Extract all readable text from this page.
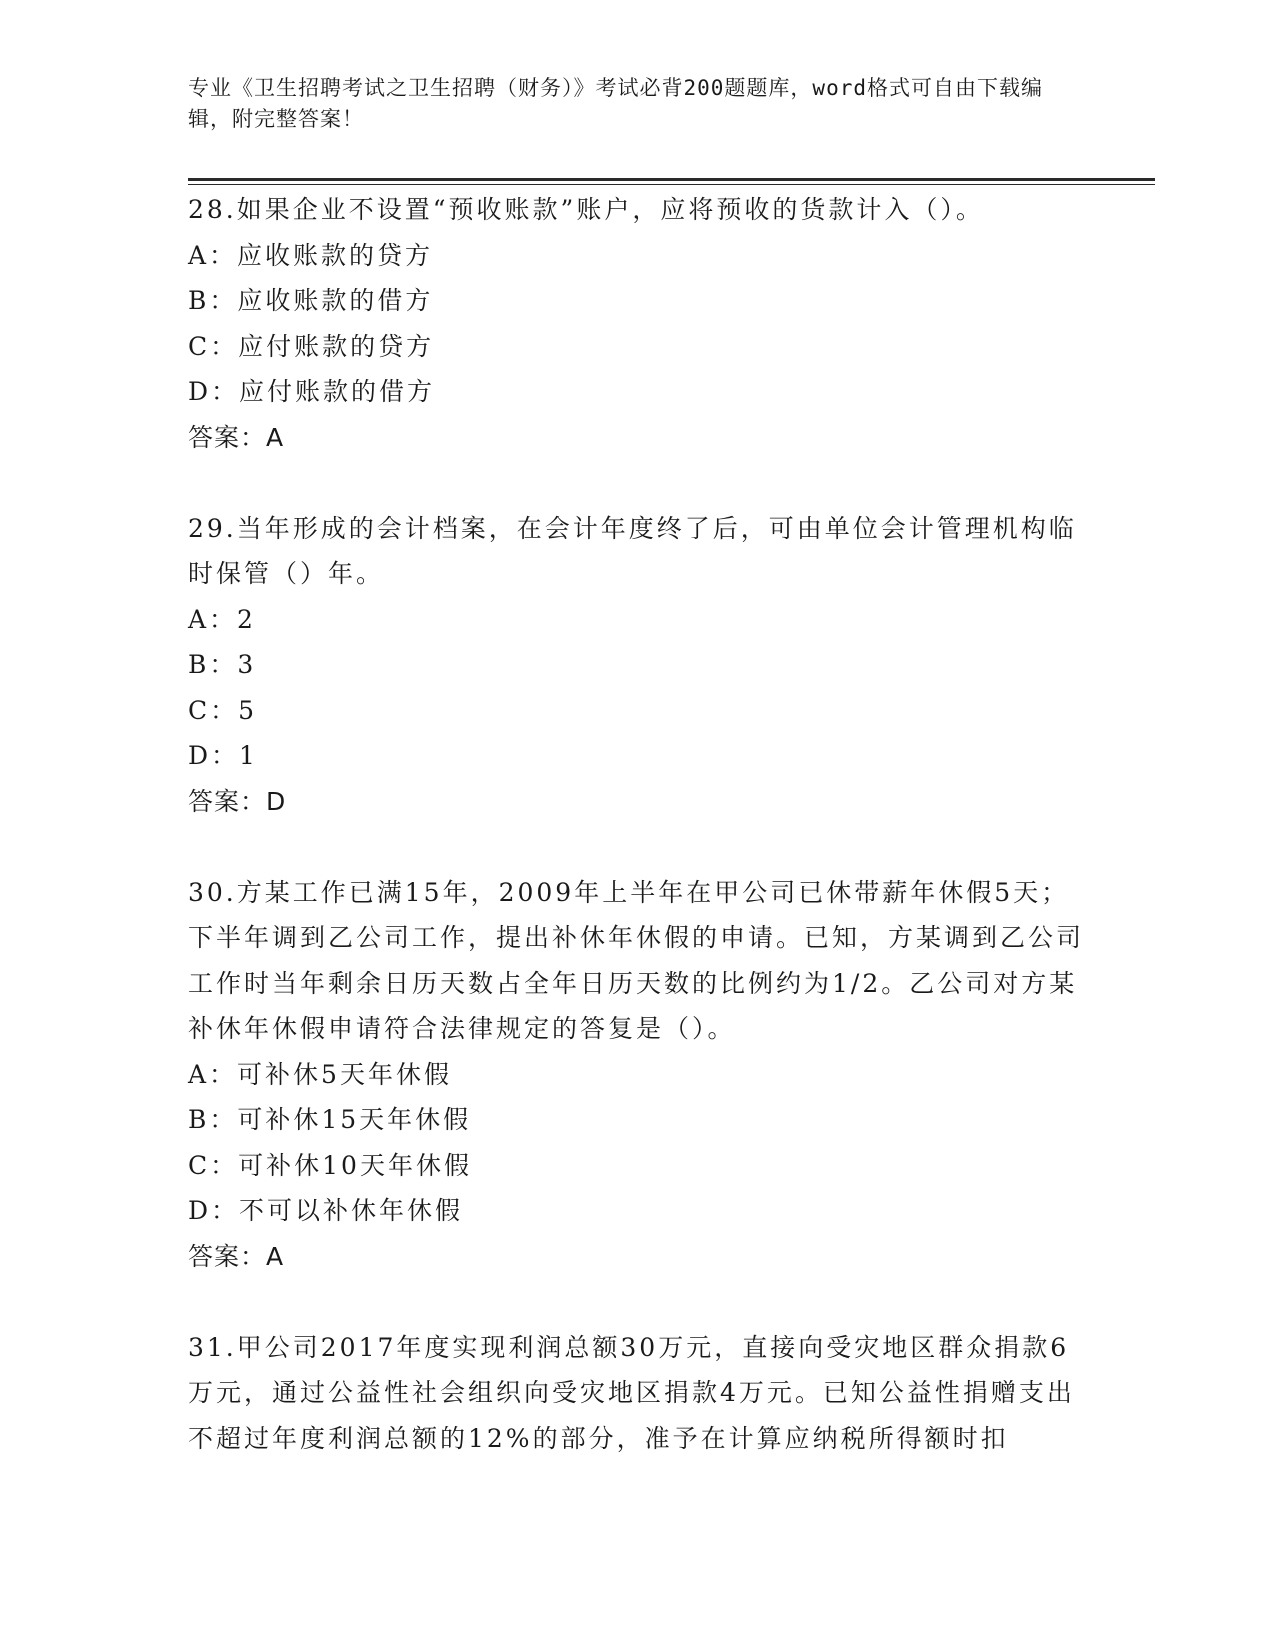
专业《卫生招聘考试之卫生招聘（财务）》考试必背200题题库，word格式可自由下载编辑，附完整答案！

28.如果企业不设置“预收账款”账户，应将预收的货款计入（）。

A：应收账款的贷方

B：应收账款的借方

C：应付账款的贷方

D：应付账款的借方

答案：A

29.当年形成的会计档案，在会计年度终了后，可由单位会计管理机构临时保管（）年。

A：2

B：3

C：5

D：1

答案：D

30.方某工作已满15年，2009年上半年在甲公司已休带薪年休假5天；下半年调到乙公司工作，提出补休年休假的申请。已知，方某调到乙公司工作时当年剩余日历天数占全年日历天数的比例约为1/2。乙公司对方某补休年休假申请符合法律规定的答复是（）。

A：可补休5天年休假

B：可补休15天年休假

C：可补休10天年休假

D：不可以补休年休假

答案：A

31.甲公司2017年度实现利润总额30万元，直接向受灾地区群众捐款6万元，通过公益性社会组织向受灾地区捐款4万元。已知公益性捐赠支出不超过年度利润总额的12%的部分，准予在计算应纳税所得额时扣
